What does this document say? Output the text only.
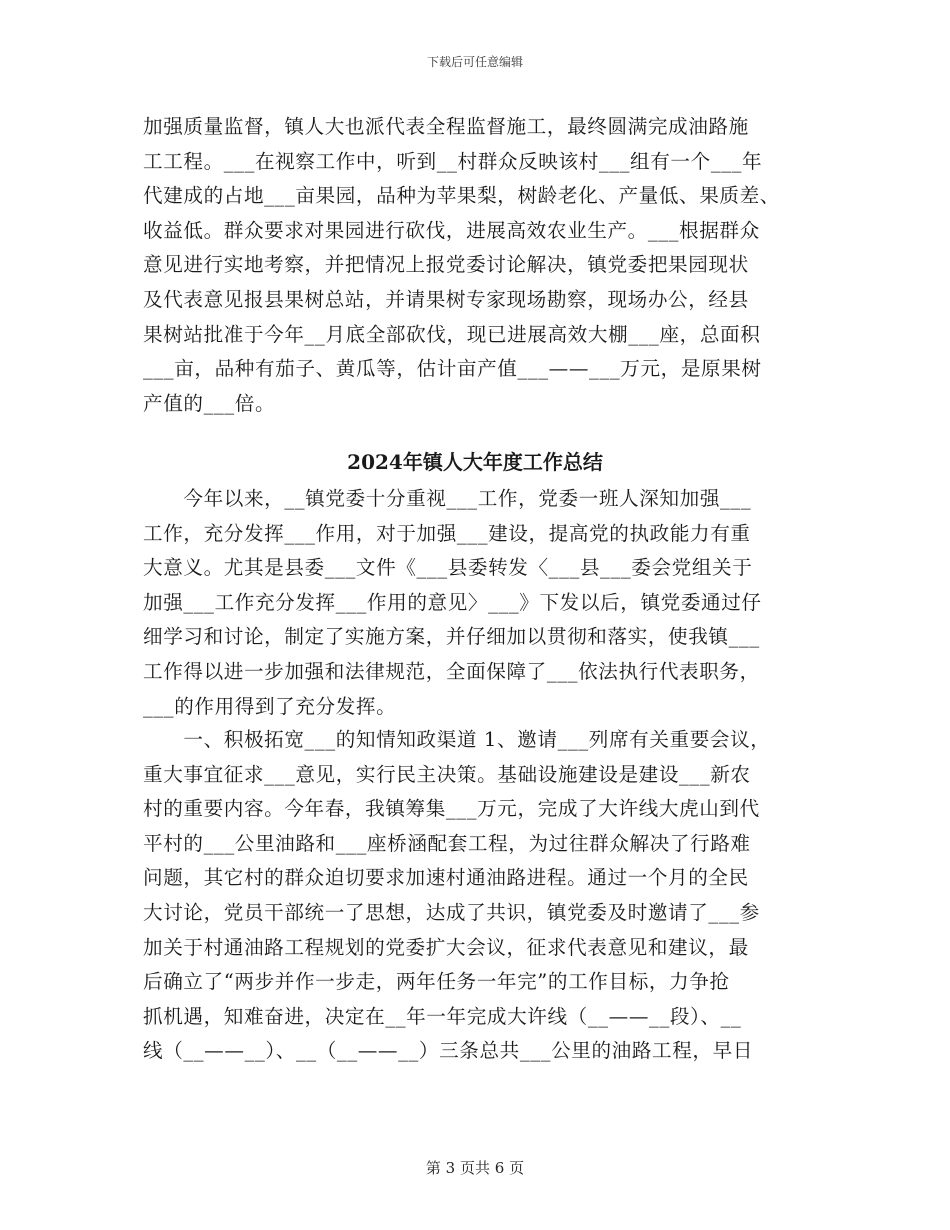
下载后可任意编辑
加强质量监督，镇人大也派代表全程监督施工，最终圆满完成油路施
工工程。___在视察工作中，听到__村群众反映该村___组有一个___年
代建成的占地___亩果园，品种为苹果梨，树龄老化、产量低、果质差、
收益低。群众要求对果园进行砍伐，进展高效农业生产。___根据群众
意见进行实地考察，并把情况上报党委讨论解决，镇党委把果园现状
及代表意见报县果树总站，并请果树专家现场勘察，现场办公，经县
果树站批准于今年__月底全部砍伐，现已进展高效大棚___座，总面积
___亩，品种有茄子、黄瓜等，估计亩产值___——___万元，是原果树
产值的___倍。
2024年镇人大年度工作总结
　　今年以来，__镇党委十分重视___工作，党委一班人深知加强___
工作，充分发挥___作用，对于加强___建设，提高党的执政能力有重
大意义。尤其是县委___文件《___县委转发〈___县___委会党组关于
加强___工作充分发挥___作用的意见〉___》下发以后，镇党委通过仔
细学习和讨论，制定了实施方案，并仔细加以贯彻和落实，使我镇___
工作得以进一步加强和法律规范，全面保障了___依法执行代表职务，
___的作用得到了充分发挥。
　　一、积极拓宽___的知情知政渠道 1、邀请___列席有关重要会议，
重大事宜征求___意见，实行民主决策。基础设施建设是建设___新农
村的重要内容。今年春，我镇筹集___万元，完成了大许线大虎山到代
平村的___公里油路和___座桥涵配套工程，为过往群众解决了行路难
问题，其它村的群众迫切要求加速村通油路进程。通过一个月的全民
大讨论，党员干部统一了思想，达成了共识，镇党委及时邀请了___参
加关于村通油路工程规划的党委扩大会议，征求代表意见和建议，最
后确立了“两步并作一步走，两年任务一年完”的工作目标，力争抢
抓机遇，知难奋进，决定在__年一年完成大许线（__——__段）、__
线（__——__）、__（__——__）三条总共___公里的油路工程，早日
第 3 页共 6 页
